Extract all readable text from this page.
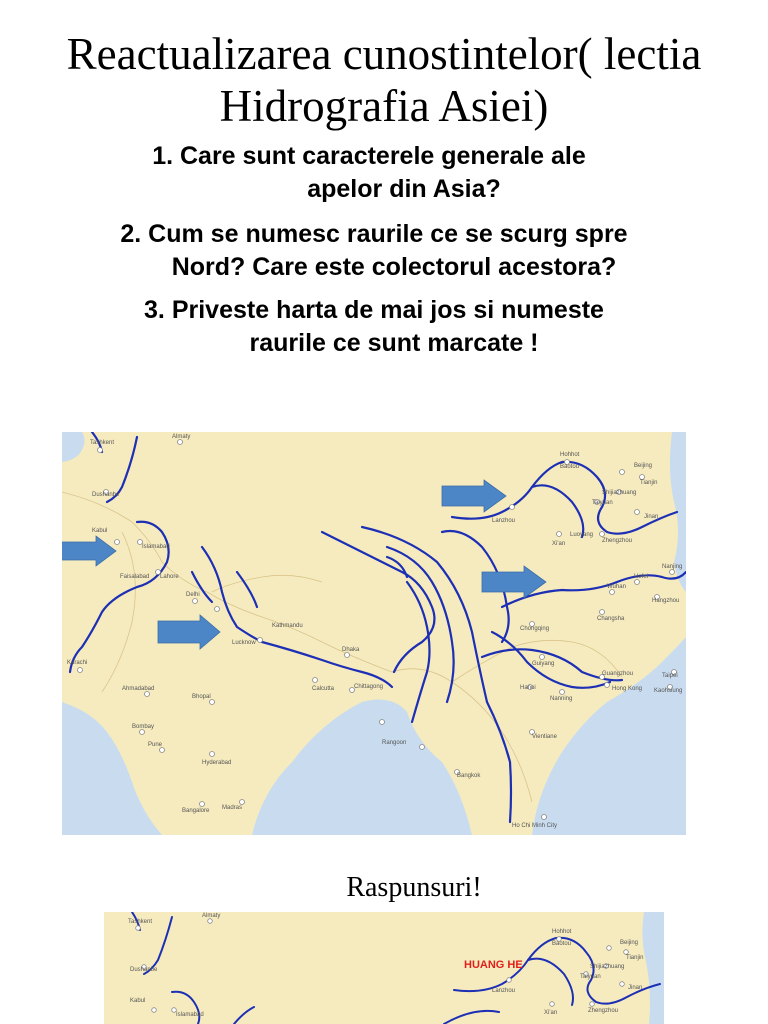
Reactualizarea cunostintelor( lectia
Hidrografia Asiei)
1. Care sunt caracterele generale ale
apelor din Asia?
2. Cum se numesc raurile ce se scurg spre
Nord? Care este colectorul acestora?
3. Priveste harta de mai jos si numeste
raurile ce sunt marcate !
Tashkent
Almaty
Dushanbe
Kabul
Islamabad
Lahore
Faisalabad
Delhi
Karachi
Ahmadabad
Bhopal
Bombay
Pune
Hyderabad
Bangalore Madras
Lucknow
Kathmandu
Dhaka
Calcutta	Chittagong
Rangoon
Bangkok
Hanoi
Vientiane
Ho Chi Minh City
Lanzhou
Xi'an
Beijing
Tianjin
Hohhot
Baotou
Shijiazhuang
Taiyuan
Jinan
Zhengzhou
Luoyang
Nanjing
Hefei
Hangzhou
Wuhan
Changsha
Chongqing
Guiyang
Nanning
Guangzhou
Hong Kong
Taipei
Kaohsiung
Raspunsuri!
Tashkent
Almaty
Dushanbe
Kabul
Islamabad
Lanzhou
Xi'an
Beijing
Tianjin
Hohhot
Baotou
Shijiazhuang
Taiyuan
Jinan
Zhengzhou
HUANG HE
